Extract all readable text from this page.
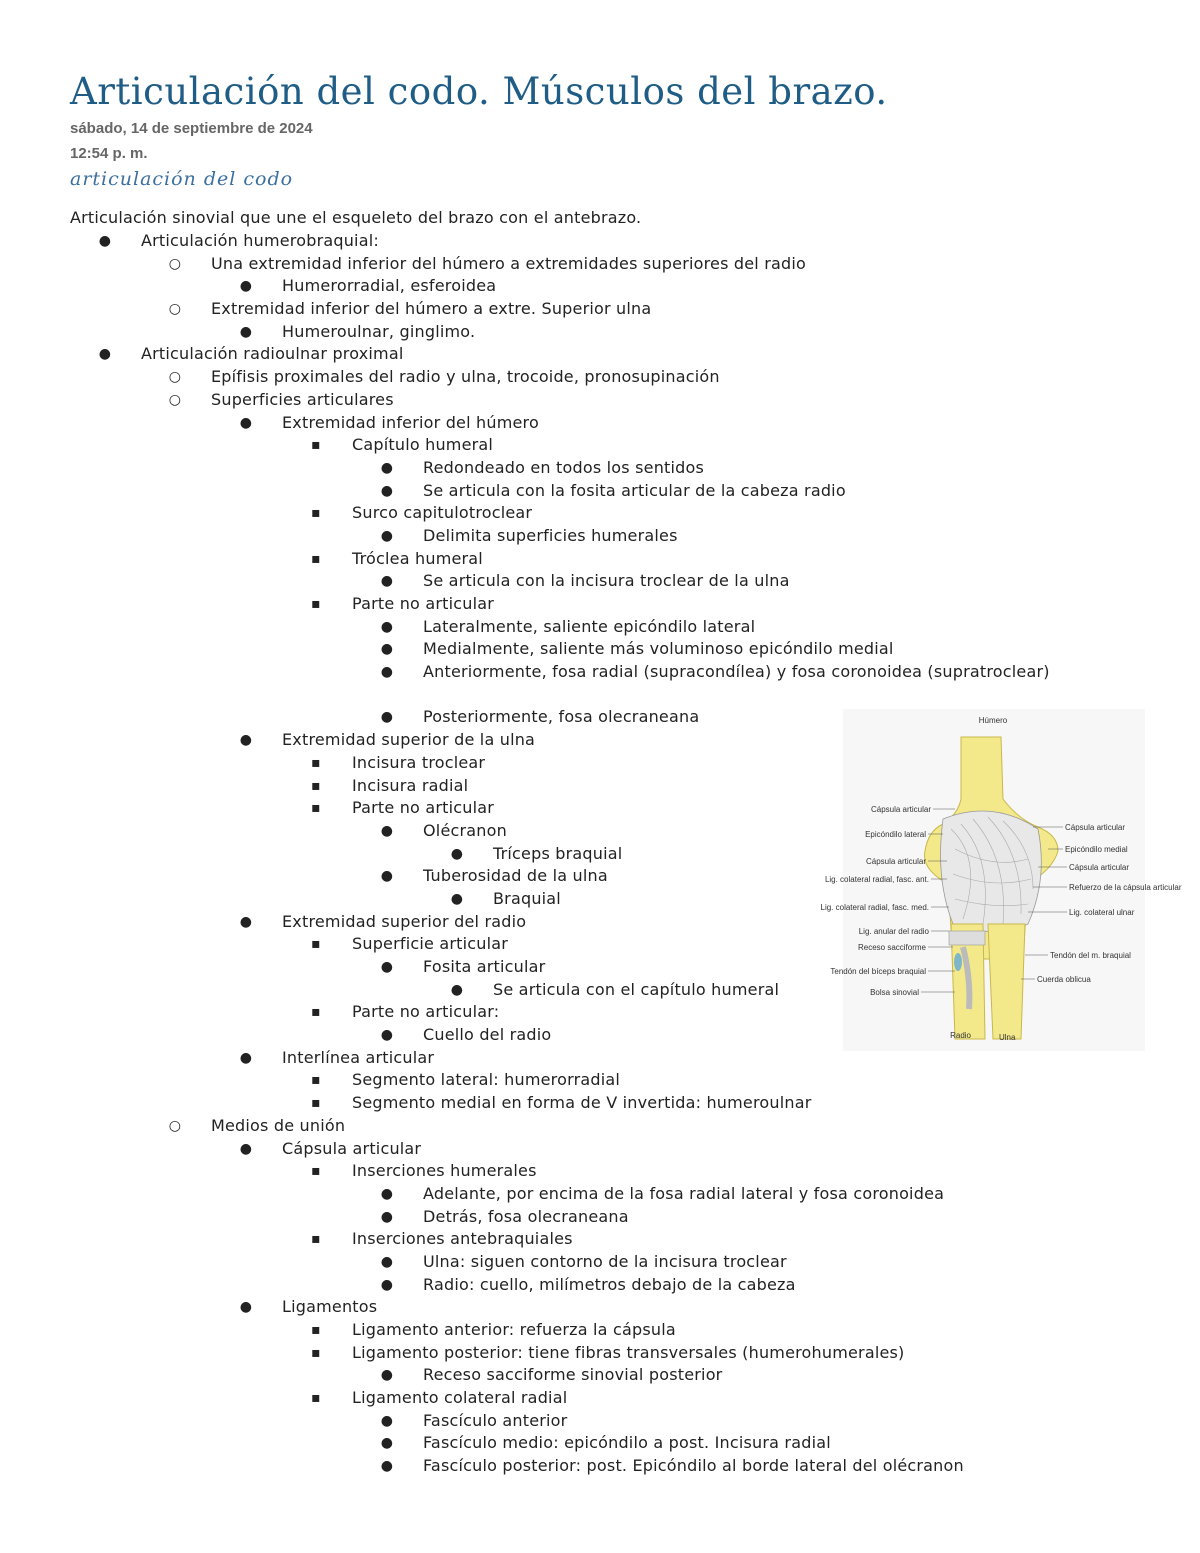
Articulación del codo. Músculos del brazo.
sábado, 14 de septiembre de 2024
12:54 p. m.
articulación del codo
Articulación sinovial que une el esqueleto del brazo con el antebrazo.
● Articulación humerobraquial:
○ Una extremidad inferior del húmero a extremidades superiores del radio
● Humerorradial, esferoidea
○ Extremidad inferior del húmero a extre. Superior ulna
● Humeroulnar, ginglimo.
● Articulación radioulnar proximal
○ Epífisis proximales del radio y ulna, trocoide, pronosupinación
○ Superficies articulares
● Extremidad inferior del húmero
▪	Capítulo humeral
● Redondeado en todos los sentidos
● Se articula con la fosita articular de la cabeza radio
▪	Surco capitulotroclear
● Delimita superficies humerales
▪	Tróclea humeral
● Se articula con la incisura troclear de la ulna
▪	Parte no articular
● Lateralmente, saliente epicóndilo lateral
● Medialmente, saliente más voluminoso epicóndilo medial
● Anteriormente, fosa radial (supracondílea) y fosa coronoidea (supratroclear)
● Posteriormente, fosa olecraneana
● Extremidad superior de la ulna
▪	Incisura troclear
▪	Incisura radial
▪	Parte no articular
● Olécranon
● Tríceps braquial
● Tuberosidad de la ulna
● Braquial
● Extremidad superior del radio
▪	Superficie articular
● Fosita articular
● Se articula con el capítulo humeral
▪	Parte no articular:
● Cuello del radio
● Interlínea articular
▪	Segmento lateral: humerorradial
▪	Segmento medial en forma de V invertida: humeroulnar
○ Medios de unión
● Cápsula articular
▪	Inserciones humerales
● Adelante, por encima de la fosa radial lateral y fosa coronoidea
● Detrás, fosa olecraneana
▪	Inserciones antebraquiales
● Ulna: siguen contorno de la incisura troclear
● Radio: cuello, milímetros debajo de la cabeza
● Ligamentos
▪	Ligamento anterior: refuerza la cápsula
▪	Ligamento posterior: tiene fibras transversales (humerohumerales)
● Receso sacciforme sinovial posterior
▪	Ligamento colateral radial
● Fascículo anterior
● Fascículo medio: epicóndilo a post. Incisura radial
● Fascículo posterior: post. Epicóndilo al borde lateral del olécranon
Húmero
Cápsula articular
Epicóndilo lateral
Cápsula articular
Lig. colateral radial, fasc. ant.
Lig. colateral radial, fasc. med.
Lig. anular del radio
Receso sacciforme
Tendón del bíceps braquial
Bolsa sinovial
Cápsula articular
Epicóndilo medial
Cápsula articular
Refuerzo de la cápsula articular
Lig. colateral ulnar
Tendón del m. braquial
Cuerda oblicua
Radio	Ulna
